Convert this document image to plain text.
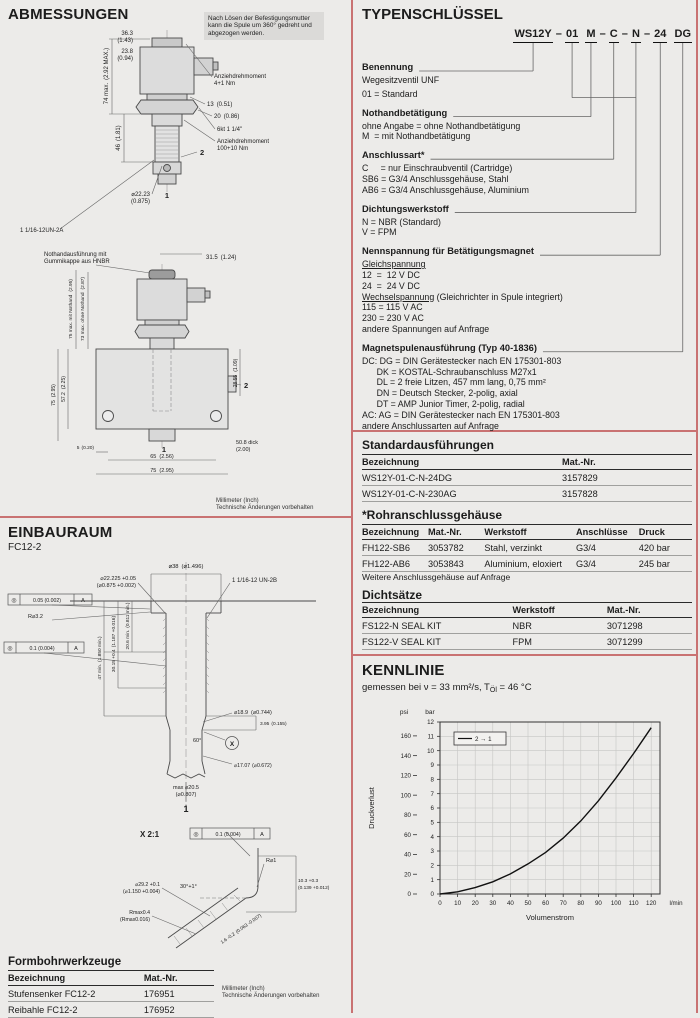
ABMESSUNGEN	Nach Lösen der Befestigungsmutter kann die Spule um 360° gedreht und abgezogen werden.
74 max.(2.92 MAX.)
36.3
(1.43)
23.8
(0.94)
Anziehdrehmoment
4+1 Nm
13 (0.51)
20 (0.86)
6kt 1 1/4"
Anziehdrehmoment
100+10 Nm
46(1.81)
⌀22.23
(0.875)
1 1/16-12UN-2A
2
1
Nothandausführung mit
Gummikappe aus HNBR
31.5 (1.24)
75 max. mit Nothand(2.95)
73 max. ohne Nothand(2.87)
75(2.95) 57.2(2.25)	28.55(1.09)
50.8 dick
(2.00)
5 (0.20)
65 (2.56)
75 (2.95)
1
2
Millimeter (Inch)
Technische Änderungen vorbehalten
EINBAURAUM
FC12-2
⌀38 (⌀1.496)
1 1/16-12 UN-2B
⌀22.225 +0.05
(⌀0.875 +0.002)
◎	0.05 (0.002)	A
◎	0.1 (0.004)	A	20.6 min.(0.811 min.)
30.15 +0.4(1.187 +0.016)
47 min.(1.850 min.)
R⌀3.2
⌀18.9 (⌀0.744)
60°	X
3.95 (0.155)
⌀17.07 (⌀0.672)
max ⌀20.5
(⌀0.807)
1
X 2:1	◎	0.1 (0.004)	A
30°+1°
R⌀1
⌀29.2 +0.1
(⌀1.150 +0.004)
Rmax0.4
(Rmax0.016)
10.3 +0.3
(0.139 +0.012)
1.6 -0.2(0.063 -0.007)
Formbohrwerkzeuge
Bezeichnung	Mat.-Nr.
Stufensenker FC12-2	176951
Reibahle FC12-2	176952
Millimeter (Inch)
Technische Änderungen vorbehalten
TYPENSCHLÜSSEL
WS12Y – 01 M – C – N – 24 DG
Benennung
Wegesitzventil UNF
01 = Standard
Nothandbetätigung
ohne Angabe = ohne Nothandbetätigung
M  = mit Nothandbetätigung
Anschlussart*
C     = nur Einschraubventil (Cartridge)
SB6 = G3/4 Anschlussgehäuse, Stahl
AB6 = G3/4 Anschlussgehäuse, Aluminium
Dichtungswerkstoff
N = NBR (Standard)
V = FPM
Nennspannung für Betätigungsmagnet
Gleichspannung
12  =  12 V DC
24  =  24 V DC
Wechselspannung (Gleichrichter in Spule integriert)
115 = 115 V AC
230 = 230 V AC
andere Spannungen auf Anfrage
Magnetspulenausführung (Typ 40-1836)
DC: DG = DIN Gerätestecker nach EN 175301-803
DK = KOSTAL-Schraubanschluss M27x1
DL = 2 freie Litzen, 457 mm lang, 0,75 mm²
DN = Deutsch Stecker, 2-polig, axial
DT = AMP Junior Timer, 2-polig, radial
AC: AG = DIN Gerätestecker nach EN 175301-803
andere Anschlussarten auf Anfrage
Standardausführungen
Bezeichnung	Mat.-Nr.
WS12Y-01-C-N-24DG	3157829
WS12Y-01-C-N-230AG	3157828
*Rohranschlussgehäuse
Bezeichnung	Mat.-Nr.	Werkstoff	Anschlüsse	Druck
FH122-SB6	3053782	Stahl, verzinkt	G3/4	420 bar
FH122-AB6	3053843	Aluminium, eloxiert	G3/4	245 bar
Weitere Anschlussgehäuse auf Anfrage
Dichtsätze
Bezeichnung	Werkstoff	Mat.-Nr.
FS122-N SEAL KIT	NBR	3071298
FS122-V SEAL KIT	FPM	3071299
KENNLINIE
gemessen bei ν = 33 mm²/s, $T_{Öl} = 46$ °C
0 10 20 30 40 50 60 70 80 90 100 110 120
0
1
2
3
4
5
6
7
8
9
10
11
12
0
20
40
60
80
100
120
140
160
psi	bar
l/min
Volumenstrom
Druckverlust
2 → 1
